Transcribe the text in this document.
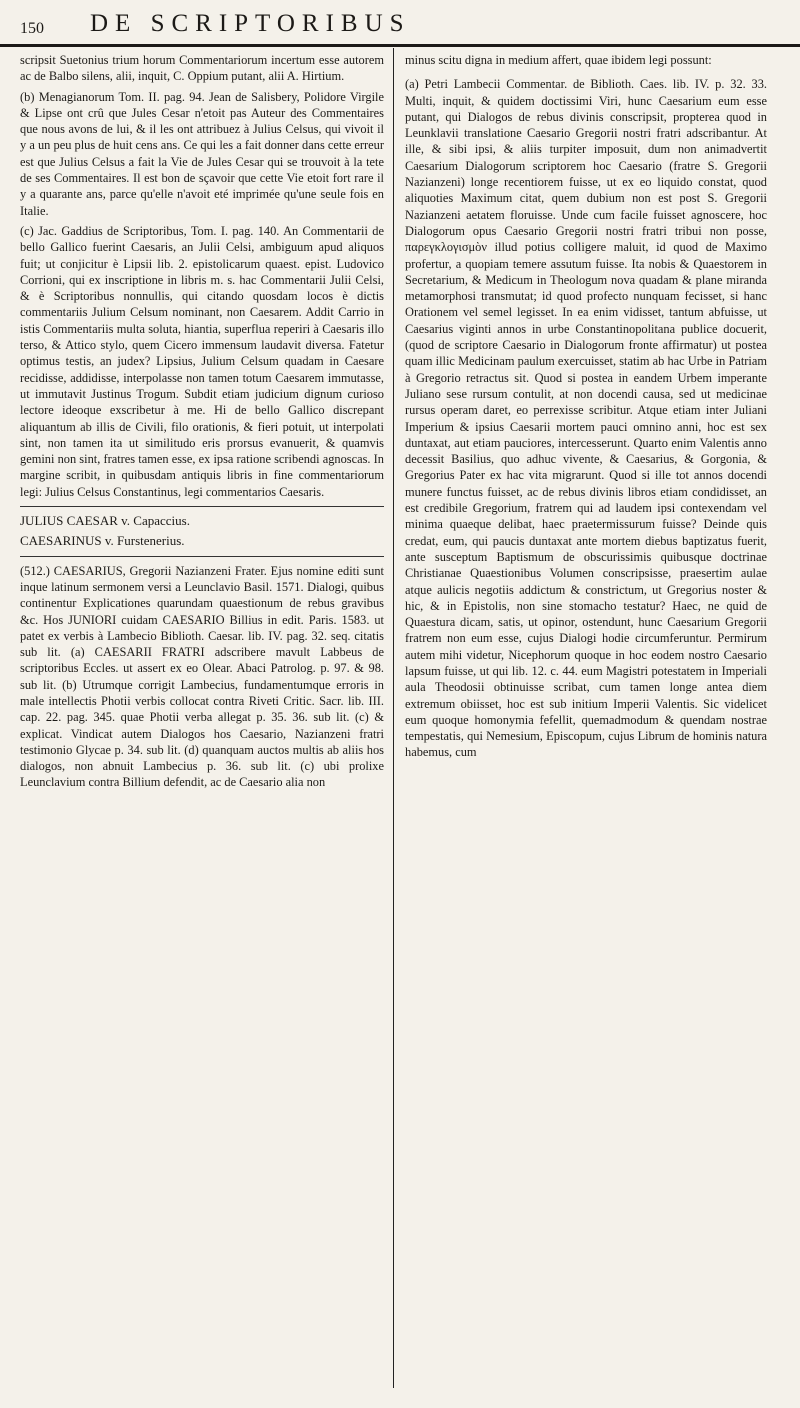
150 DE SCRIPTORIBUS

scripsit Suetonius trium horum Commentariorum incertum esse autorem ac de Balbo silens, alii, inquit, C. Oppium putant, alii A. Hirtium.

(b) Menagianorum Tom. II. pag. 94. Jean de Salisbery, Polidore Virgile & Lipse ont crû que Jules Cesar n'etoit pas Auteur des Commentaires que nous avons de lui, & il les ont attribuez à Julius Celsus, qui vivoit il y a un peu plus de huit cens ans. Ce qui les a fait donner dans cette erreur est que Julius Celsus a fait la Vie de Jules Cesar qui se trouvoit à la tete de ses Commentaires. Il est bon de sçavoir que cette Vie etoit fort rare il y a quarante ans, parce qu'elle n'avoit eté imprimée qu'une seule fois en Italie.

(c) Jac. Gaddius de Scriptoribus, Tom. I. pag. 140. An Commentarii de bello Gallico fuerint Caesaris, an Julii Celsi, ambiguum apud aliquos fuit; ut conjicitur è Lipsii lib. 2. epistolicarum quaest. epist. Ludovico Corrioni, qui ex inscriptione in libris m. s. hac Commentarii Julii Celsi, & è Scriptoribus nonnullis, qui citando quosdam locos è dictis commentariis Julium Celsum nominant, non Caesarem. Addit Carrio in istis Commentariis multa soluta, hiantia, superflua reperiri à Caesaris illo terso, & Attico stylo, quem Cicero immensum laudavit diversa. Fatetur optimus testis, an judex? Lipsius, Julium Celsum quadam in Caesare recidisse, addidisse, interpolasse non tamen totum Caesarem immutasse, ut immutavit Justinus Trogum. Subdit etiam judicium dignum curioso lectore ideoque exscribetur à me. Hi de bello Gallico discrepant aliquantum ab illis de Civili, filo orationis, & fieri potuit, ut interpolati sint, non tamen ita ut similitudo eris prorsus evanuerit, & quamvis gemini non sint, fratres tamen esse, ex ipsa ratione scribendi agnoscas. In margine scribit, in quibusdam antiquis libris in fine commentariorum legi: Julius Celsus Constantinus, legi commentarios Caesaris.

JULIUS CAESAR v. Capaccius.

CAESARINUS v. Furstenerius.

(512.) CAESARIUS, Gregorii Nazianzeni Frater. Ejus nomine editi sunt inque latinum sermonem versi a Leunclavio Basil. 1571. Dialogi, quibus continentur Explicationes quarundam quaestionum de rebus gravibus &c. Hos JUNIORI cuidam CAESARIO Billius in edit. Paris. 1583. ut patet ex verbis à Lambecio Biblioth. Caesar. lib. IV. pag. 32. seq. citatis sub lit. (a) CAESARII FRATRI adscribere mavult Labbeus de scriptoribus Eccles. ut assert ex eo Olear. Abaci Patrolog. p. 97. & 98. sub lit. (b) Utrumque corrigit Lambecius, fundamentumque erroris in male intellectis Photii verbis collocat contra Riveti Critic. Sacr. lib. III. cap. 22. pag. 345. quae Photii verba allegat p. 35. 36. sub lit. (c) & explicat. Vindicat autem Dialogos hos Caesario, Nazianzeni fratri testimonio Glycae p. 34. sub lit. (d) quanquam auctos multis ab aliis hos dialogos, non abnuit Lambecius p. 36. sub lit. (c) ubi prolixe Leunclavium contra Billium defendit, ac de Caesario alia non

minus scitu digna in medium affert, quae ibidem legi possunt:

(a) Petri Lambecii Commentar. de Biblioth. Caes. lib. IV. p. 32. 33. Multi, inquit, & quidem doctissimi Viri, hunc Caesarium eum esse putant, qui Dialogos de rebus divinis conscripsit, propterea quod in Leunklavii translatione Caesario Gregorii nostri fratri adscribantur. At ille, & sibi ipsi, & aliis turpiter imposuit, dum non animadvertit Caesarium Dialogorum scriptorem hoc Caesario (fratre S. Gregorii Nazianzeni) longe recentiorem fuisse, ut ex eo liquido constat, quod aliquoties Maximum citat, quem dubium non est post S. Gregorii Nazianzeni aetatem floruisse. Unde cum facile fuisset agnoscere, hoc Dialogorum opus Caesario Gregorii nostri fratri tribui non posse, παρεγκλογισμὸν illud potius colligere maluit, id quod de Maximo profertur, a quopiam temere assutum fuisse. Ita nobis & Quaestorem in Secretarium, & Medicum in Theologum nova quadam & plane miranda metamorphosi transmutat; id quod profecto nunquam fecisset, si hanc Orationem vel semel legisset. In ea enim vidisset, tantum abfuisse, ut Caesarius viginti annos in urbe Constantinopolitana publice docuerit, (quod de scriptore Caesario in Dialogorum fronte affirmatur) ut postea quam illic Medicinam paulum exercuisset, statim ab hac Urbe in Patriam à Gregorio retractus sit. Quod si postea in eandem Urbem imperante Juliano sese rursum contulit, at non docendi causa, sed ut medicinae rursus operam daret, eo perrexisse scribitur. Atque etiam inter Juliani Imperium & ipsius Caesarii mortem pauci omnino anni, hoc est sex duntaxat, aut etiam pauciores, intercesserunt. Quarto enim Valentis anno decessit Basilius, quo adhuc vivente, & Caesarius, & Gorgonia, & Gregorius Pater ex hac vita migrarunt. Quod si ille tot annos docendi munere functus fuisset, ac de rebus divinis libros etiam condidisset, an est credibile Gregorium, fratrem qui ad laudem ipsi contexendam vel minima quaeque delibat, haec praetermissurum fuisse? Deinde quis credat, eum, qui paucis duntaxat ante mortem diebus baptizatus fuerit, ante susceptum Baptismum de obscurissimis quibusque doctrinae Christianae Quaestionibus Volumen conscripsisse, praesertim aulae atque aulicis negotiis addictum & constrictum, ut Gregorius noster & hic, & in Epistolis, non sine stomacho testatur? Haec, ne quid de Quaestura dicam, satis, ut opinor, ostendunt, hunc Caesarium Gregorii fratrem non eum esse, cujus Dialogi hodie circumferuntur. Permirum autem mihi videtur, Nicephorum quoque in hoc eodem nostro Caesario lapsum fuisse, ut qui lib. 12. c. 44. eum Magistri potestatem in Imperiali aula Theodosii obtinuisse scribat, cum tamen longe antea diem extremum obiisset, hoc est sub initium Imperii Valentis. Sic videlicet eum quoque homonymia fefellit, quemadmodum & quendam nostrae tempestatis, qui Nemesium, Episcopum, cujus Librum de hominis natura habemus, cum
